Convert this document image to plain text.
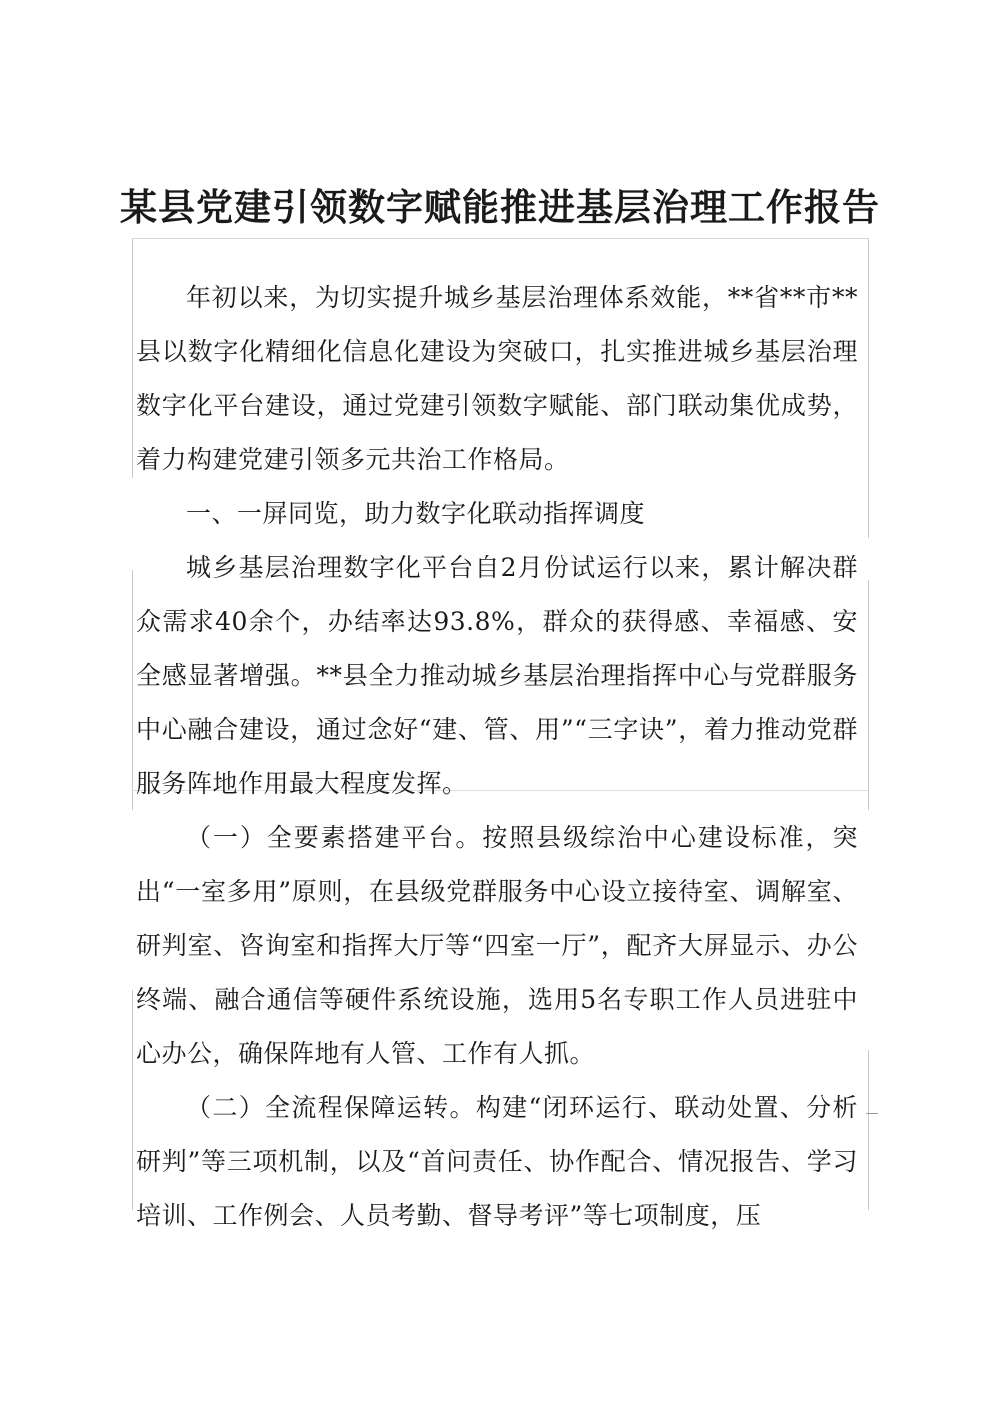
某县党建引领数字赋能推进基层治理工作报告

年初以来，为切实提升城乡基层治理体系效能，**省**市**县以数字化精细化信息化建设为突破口，扎实推进城乡基层治理数字化平台建设，通过党建引领数字赋能、部门联动集优成势，着力构建党建引领多元共治工作格局。

一、一屏同览，助力数字化联动指挥调度

城乡基层治理数字化平台自2月份试运行以来，累计解决群众需求40余个，办结率达93.8%，群众的获得感、幸福感、安全感显著增强。**县全力推动城乡基层治理指挥中心与党群服务中心融合建设，通过念好“建、管、用”“三字诀”，着力推动党群服务阵地作用最大程度发挥。

（一）全要素搭建平台。按照县级综治中心建设标准，突出“一室多用”原则，在县级党群服务中心设立接待室、调解室、研判室、咨询室和指挥大厅等“四室一厅”，配齐大屏显示、办公终端、融合通信等硬件系统设施，选用5名专职工作人员进驻中心办公，确保阵地有人管、工作有人抓。

（二）全流程保障运转。构建“闭环运行、联动处置、分析研判”等三项机制，以及“首问责任、协作配合、情况报告、学习培训、工作例会、人员考勤、督导考评”等七项制度，压
